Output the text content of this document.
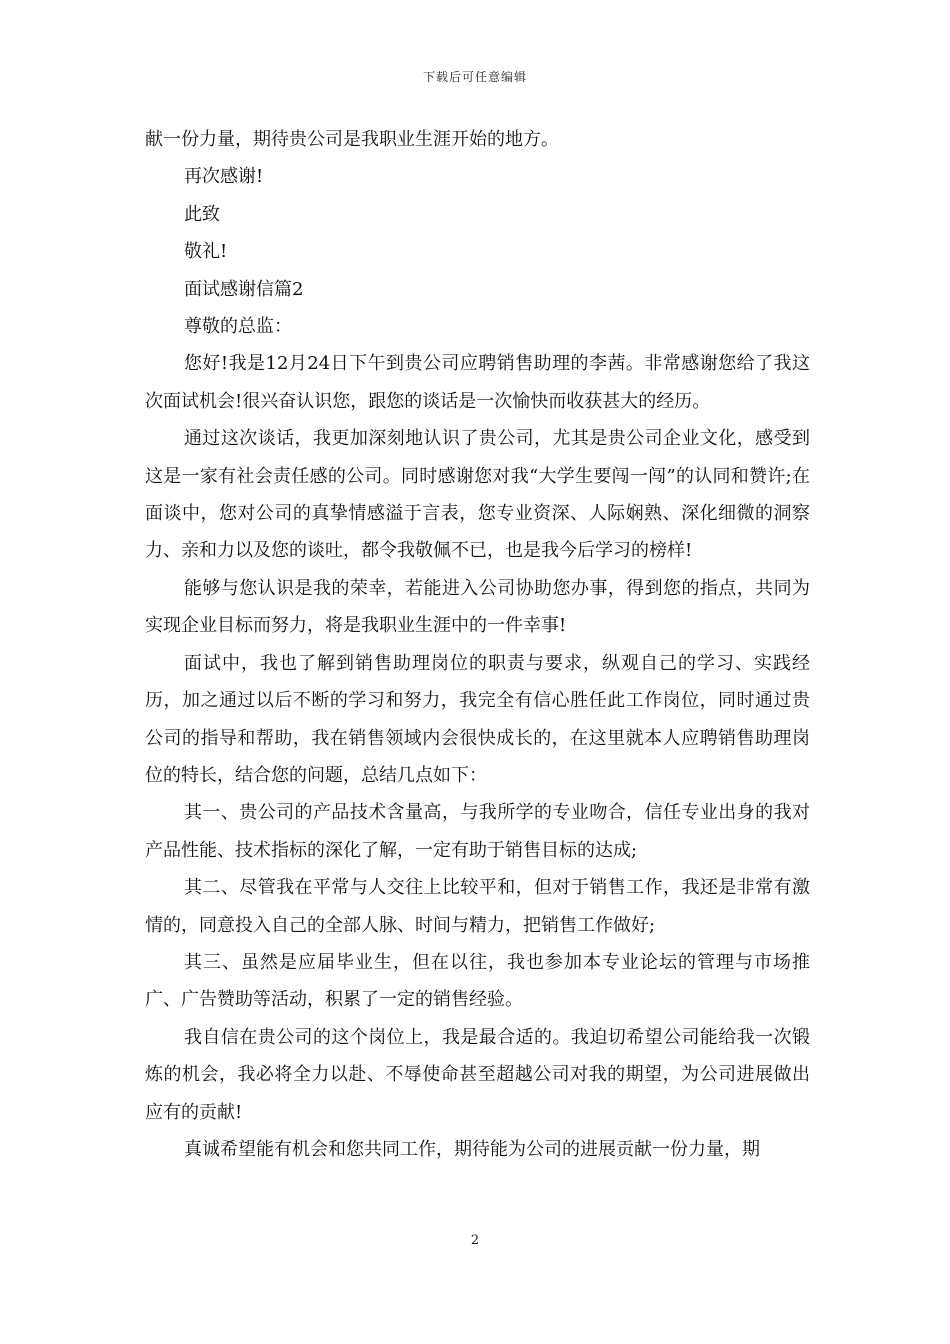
下载后可任意编辑

献一份力量，期待贵公司是我职业生涯开始的地方。

再次感谢!

此致

敬礼!

面试感谢信篇2

尊敬的总监：

您好!我是12月24日下午到贵公司应聘销售助理的李茜。非常感谢您给了我这次面试机会!很兴奋认识您，跟您的谈话是一次愉快而收获甚大的经历。

通过这次谈话，我更加深刻地认识了贵公司，尤其是贵公司企业文化，感受到这是一家有社会责任感的公司。同时感谢您对我“大学生要闯一闯”的认同和赞许;在面谈中，您对公司的真挚情感溢于言表，您专业资深、人际娴熟、深化细微的洞察力、亲和力以及您的谈吐，都令我敬佩不已，也是我今后学习的榜样!

能够与您认识是我的荣幸，若能进入公司协助您办事，得到您的指点，共同为实现企业目标而努力，将是我职业生涯中的一件幸事!

面试中，我也了解到销售助理岗位的职责与要求，纵观自己的学习、实践经历，加之通过以后不断的学习和努力，我完全有信心胜任此工作岗位，同时通过贵公司的指导和帮助，我在销售领域内会很快成长的，在这里就本人应聘销售助理岗位的特长，结合您的问题，总结几点如下：

其一、贵公司的产品技术含量高，与我所学的专业吻合，信任专业出身的我对产品性能、技术指标的深化了解，一定有助于销售目标的达成;

其二、尽管我在平常与人交往上比较平和，但对于销售工作，我还是非常有激情的，同意投入自己的全部人脉、时间与精力，把销售工作做好;

其三、虽然是应届毕业生，但在以往，我也参加本专业论坛的管理与市场推广、广告赞助等活动，积累了一定的销售经验。

我自信在贵公司的这个岗位上，我是最合适的。我迫切希望公司能给我一次锻炼的机会，我必将全力以赴、不辱使命甚至超越公司对我的期望，为公司进展做出应有的贡献!

真诚希望能有机会和您共同工作，期待能为公司的进展贡献一份力量，期

2
